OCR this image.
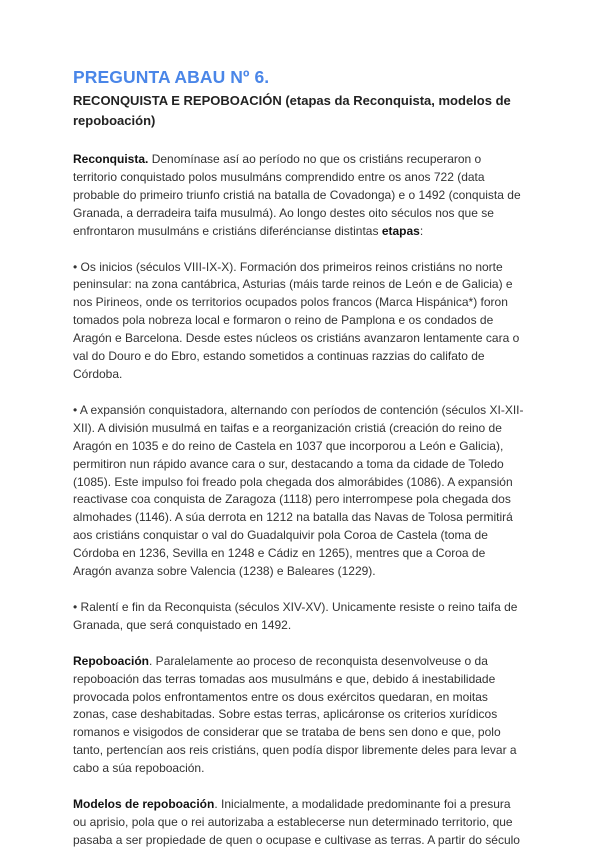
PREGUNTA ABAU Nº 6.
RECONQUISTA E REPOBOACIÓN (etapas da Reconquista, modelos de repoboación)

Reconquista. Denomínase así ao período no que os cristiáns recuperaron o territorio conquistado polos musulmáns comprendido entre os anos 722 (data probable do primeiro triunfo cristiá na batalla de Covadonga) e o 1492 (conquista de Granada, a derradeira taifa musulmá). Ao longo destes oito séculos nos que se enfrontaron musulmáns e cristiáns diferéncianse distintas etapas:

• Os inicios (séculos VIII-IX-X). Formación dos primeiros reinos cristiáns no norte peninsular: na zona cantábrica, Asturias (máis tarde reinos de León e de Galicia) e nos Pirineos, onde os territorios ocupados polos francos (Marca Hispánica*) foron tomados pola nobreza local e formaron o reino de Pamplona e os condados de Aragón e Barcelona. Desde estes núcleos os cristiáns avanzaron lentamente cara o val do Douro e do Ebro, estando sometidos a continuas razzias do califato de Córdoba.

• A expansión conquistadora, alternando con períodos de contención (séculos XI-XII-XII). A división musulmá en taifas e a reorganización cristiá (creación do reino de Aragón en 1035 e do reino de Castela en 1037 que incorporou a León e Galicia), permitiron nun rápido avance cara o sur, destacando a toma da cidade de Toledo (1085). Este impulso foi freado pola chegada dos almorábides (1086). A expansión reactivase coa conquista de Zaragoza (1118) pero interrompese pola chegada dos almohades (1146). A súa derrota en 1212 na batalla das Navas de Tolosa permitirá aos cristiáns conquistar o val do Guadalquivir pola Coroa de Castela (toma de Córdoba en 1236, Sevilla en 1248 e Cádiz en 1265), mentres que a Coroa de Aragón avanza sobre Valencia (1238) e Baleares (1229).

• Ralentí e fin da Reconquista (séculos XIV-XV). Unicamente resiste o reino taifa de Granada, que será conquistado en 1492.

Repoboación. Paralelamente ao proceso de reconquista desenvolveuse o da repoboación das terras tomadas aos musulmáns e que, debido á inestabilidade provocada polos enfrontamentos entre os dous exércitos quedaran, en moitas zonas, case deshabitadas. Sobre estas terras, aplicáronse os criterios xurídicos romanos e visigodos de considerar que se trataba de bens sen dono e que, polo tanto, pertencían aos reis cristiáns, quen podía dispor libremente deles para levar a cabo a súa repoboación.

Modelos de repoboación. Inicialmente, a modalidade predominante foi a presura ou aprisio, pola que o rei autorizaba a establecerse nun determinado territorio, que pasaba a ser propiedade de quen o ocupase e cultivase as terras. A partir do século
